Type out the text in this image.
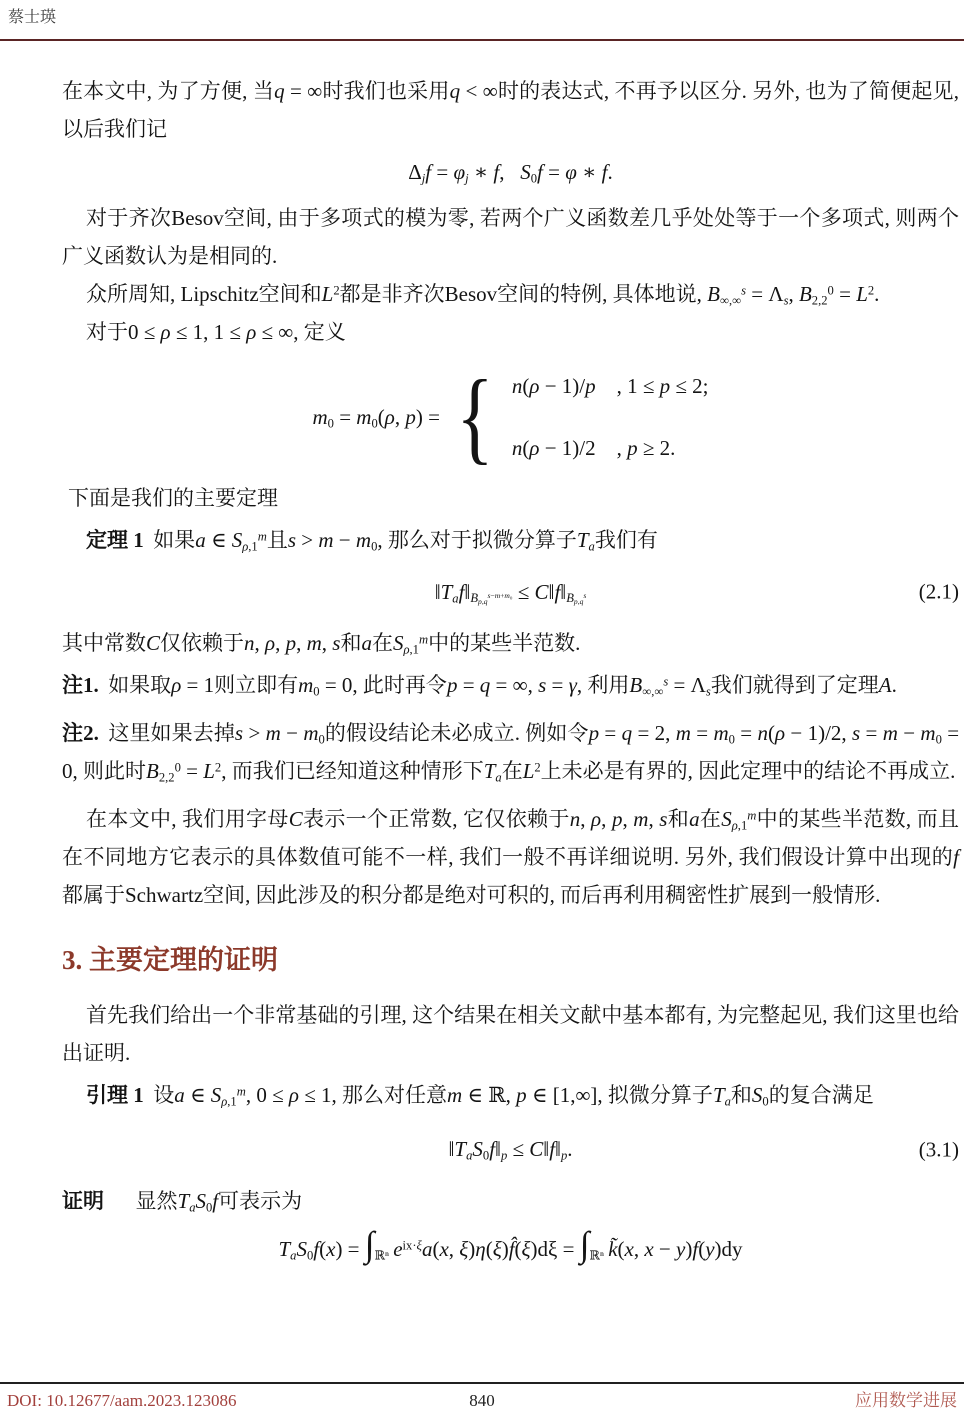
蔡士瑛

在本文中, 为了方便, 当q = ∞时我们也采用q < ∞时的表达式, 不再予以区分. 另外, 也为了简便起见, 以后我们记

$\Delta_jf = \varphi_j$ ∗ f,  $S_0f = \varphi$ ∗ f.

对于齐次Besov空间, 由于多项式的模为零, 若两个广义函数差几乎处处等于一个多项式, 则两个广义函数认为是相同的.

众所周知, Lipschitz空间和$L^2$都是非齐次Besov空间的特例, 具体地说, $B_{\infty,\infty}^s = \Lambda_s$, $B_{2,2}^0 = L^2$.

对于0 ≤ ρ ≤ 1, 1 ≤ ρ ≤ ∞, 定义

$m_0 = m_0(\rho$, p) = { n(ρ − 1)/p , 1 ≤ p ≤ 2;
n(ρ − 1)/2 , p ≥ 2.

下面是我们的主要定理

定理 1 如果a ∈ $S_{\rho,1}^m$且$s > m - m_0$, 那么对于拟微分算子$T_a$我们有

$‖T_af‖_{B_{p,q}^{s-m+m_0}}$ ≤ $C‖f‖_{B_{p,q}^s}$	(2.1)

其中常数C仅依赖于n, ρ, p, m, s和a在$S_{\rho,1}^m$中的某些半范数.

注1. 如果取ρ = 1则立即有$m_0 = 0$, 此时再令p = q = ∞, s = γ, 利用$B_{\infty,\infty}^s = \Lambda_s$我们就得到了定理A.

注2. 这里如果去掉$s > m - m_0$的假设结论未必成立. 例如令p = q = 2, $m = m_0 = n(\rho - 1)/2$, $s = m - m_0 = 0$, 则此时$B_{2,2}^0 = L^2$, 而我们已经知道这种情形下$T_a$在$L^2$上未必是有界的, 因此定理中的结论不再成立.

在本文中, 我们用字母C表示一个正常数, 它仅依赖于n, ρ, p, m, s和a在$S_{\rho,1}^m$中的某些半范数, 而且在不同地方它表示的具体数值可能不一样, 我们一般不再详细说明. 另外, 我们假设计算中出现的f都属于Schwartz空间, 因此涉及的积分都是绝对可积的, 而后再利用稠密性扩展到一般情形.

3. 主要定理的证明

首先我们给出一个非常基础的引理, 这个结果在相关文献中基本都有, 为完整起见, 我们这里也给出证明.

引理 1 设a ∈ $S_{\rho,1}^m$, 0 ≤ ρ ≤ 1, 那么对任意m ∈ ℝ, p ∈ [1,∞], 拟微分算子$T_a$和$S_0$的复合满足

$‖T_aS_0f‖_p$ ≤ $C‖f‖_p$.	(3.1)

证明 显然$T_aS_0f$可表示为

$T_aS_0f(x) = \int_{ℝ^n}$  $e^{ix\cdot\xi}a(x$, ξ)η(ξ)f̂(ξ)dξ = $\int_{ℝ^n}$  k̃(x, x − y)f(y)dy
DOI: 10.12677/aam.2023.123086	840	应用数学进展
